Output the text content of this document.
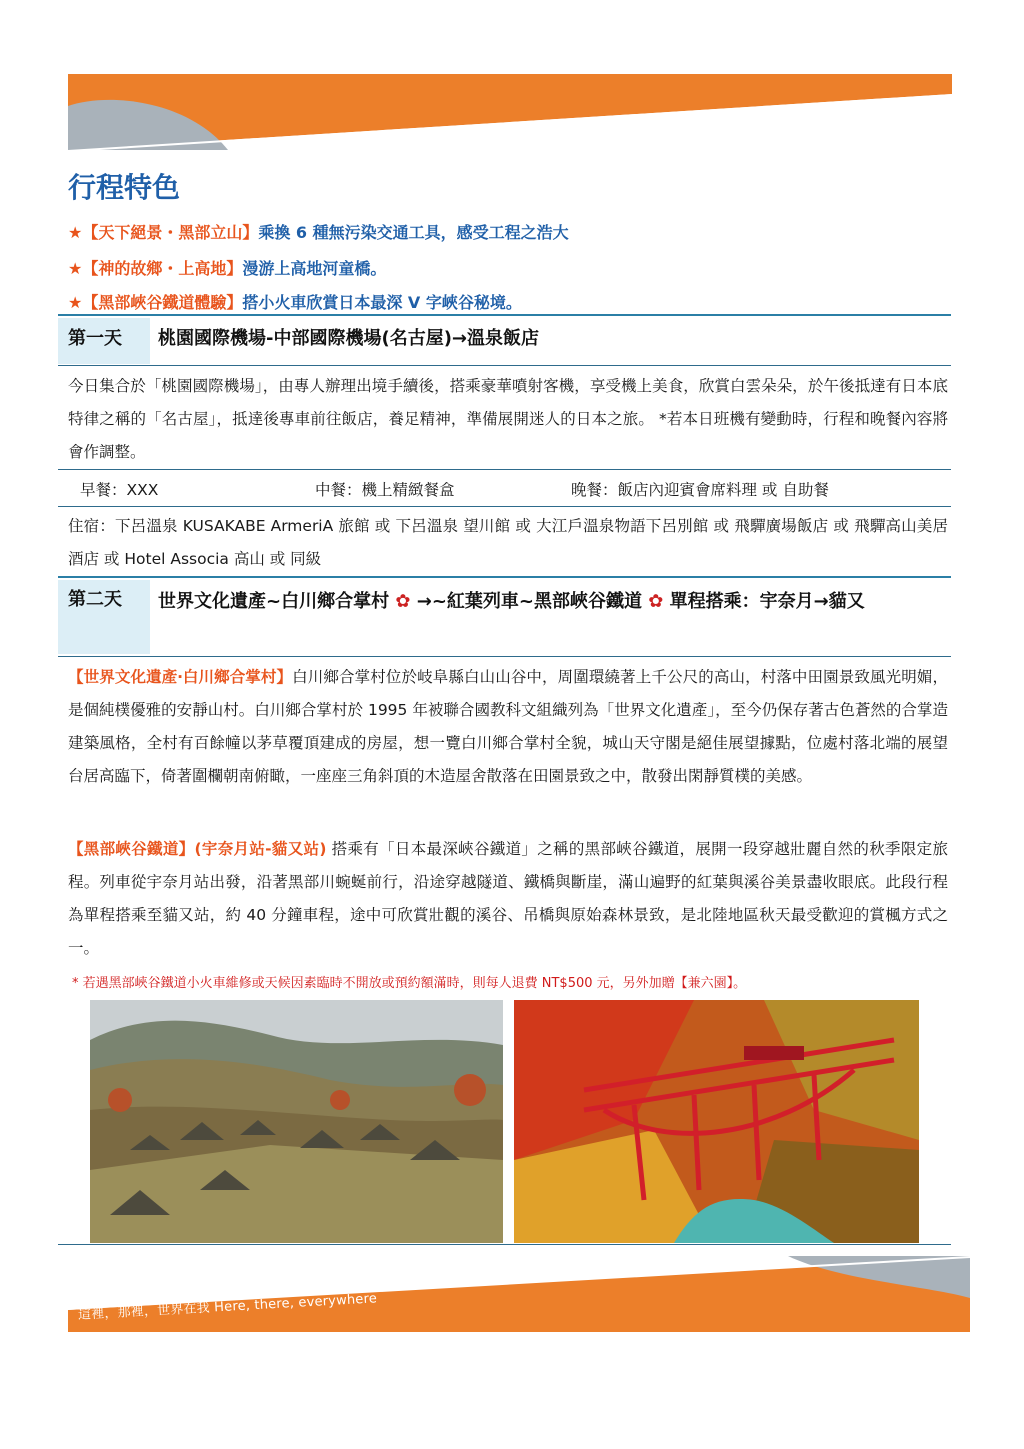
這裡，那裡，世界在我 Here, there, everywhere
行程特色
★【天下絕景・黑部立山】乘換 6 種無污染交通工具，感受工程之浩大
★【神的故鄉・上高地】漫游上高地河童橋。
★【黑部峽谷鐵道體驗】搭小火車欣賞日本最深 V 字峽谷秘境。
第一天	桃園國際機場-中部國際機場(名古屋)→溫泉飯店

今日集合於「桃園國際機場」，由專人辦理出境手續後，搭乘豪華噴射客機，享受機上美食，欣賞白雲朵朵，於午後抵達有日本底特律之稱的「名古屋」，抵達後專車前往飯店，養足精神，準備展開迷人的日本之旅。 *若本日班機有變動時，行程和晚餐內容將會作調整。

早餐：XXX	中餐：機上精緻餐盒	晚餐：飯店內迎賓會席料理 或 自助餐

住宿：下呂溫泉 KUSAKABE ArmeriA 旅館 或 下呂溫泉 望川館 或 大江戶溫泉物語下呂別館 或 飛驒廣場飯店 或 飛驒高山美居酒店 或 Hotel Associa 高山 或 同級

第二天	世界文化遺產~白川鄉合掌村 ✿ →~紅葉列車~黑部峽谷鐵道 ✿ 單程搭乘：宇奈月→貓又

【世界文化遺產‧白川鄉合掌村】白川鄉合掌村位於岐阜縣白山山谷中，周圍環繞著上千公尺的高山，村落中田園景致風光明媚，是個純樸優雅的安靜山村。白川鄉合掌村於 1995 年被聯合國教科文組織列為「世界文化遺產」，至今仍保存著古色蒼然的合掌造建築風格，全村有百餘幢以茅草覆頂建成的房屋，想一覽白川鄉合掌村全貌，城山天守閣是絕佳展望據點，位處村落北端的展望台居高臨下，倚著圍欄朝南俯瞰，一座座三角斜頂的木造屋舍散落在田園景致之中，散發出閑靜質樸的美感。

【黑部峽谷鐵道】(宇奈月站-貓又站) 搭乘有「日本最深峽谷鐵道」之稱的黑部峽谷鐵道，展開一段穿越壯麗自然的秋季限定旅程。列車從宇奈月站出發，沿著黑部川蜿蜒前行，沿途穿越隧道、鐵橋與斷崖，滿山遍野的紅葉與溪谷美景盡收眼底。此段行程為單程搭乘至貓又站，約 40 分鐘車程，途中可欣賞壯觀的溪谷、吊橋與原始森林景致，是北陸地區秋天最受歡迎的賞楓方式之一。

* 若遇黑部峽谷鐵道小火車維修或天候因素臨時不開放或預約額滿時，則每人退費 NT$500 元，另外加贈【兼六園】。
這裡，那裡，世界在我 Here, there, everywhere
